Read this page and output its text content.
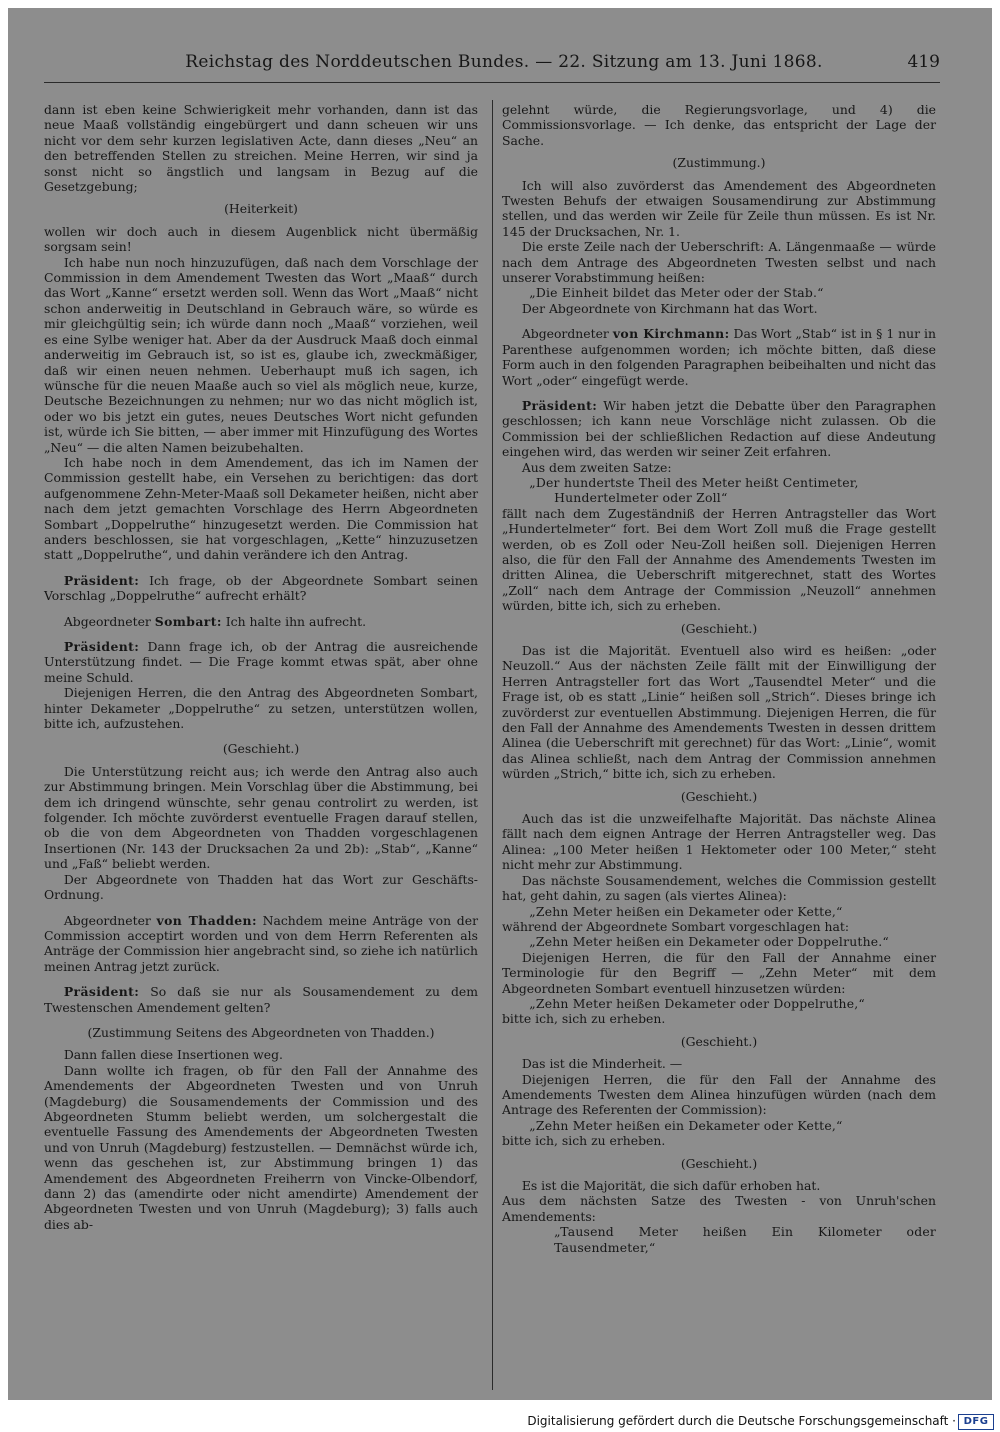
Reichstag des Norddeutschen Bundes. — 22. Sitzung am 13. Juni 1868.	419

dann ist eben keine Schwierigkeit mehr vorhanden, dann ist das neue Maaß vollständig eingebürgert und dann scheuen wir uns nicht vor dem sehr kurzen legislativen Acte, dann dieses „Neu“ an den betreffenden Stellen zu streichen. Meine Herren, wir sind ja sonst nicht so ängstlich und langsam in Bezug auf die Gesetzgebung;

(Heiterkeit)

wollen wir doch auch in diesem Augenblick nicht übermäßig sorgsam sein!

Ich habe nun noch hinzuzufügen, daß nach dem Vorschlage der Commission in dem Amendement Twesten das Wort „Maaß“ durch das Wort „Kanne“ ersetzt werden soll. Wenn das Wort „Maaß“ nicht schon anderweitig in Deutschland in Gebrauch wäre, so würde es mir gleichgültig sein; ich würde dann noch „Maaß“ vorziehen, weil es eine Sylbe weniger hat. Aber da der Ausdruck Maaß doch einmal anderweitig im Gebrauch ist, so ist es, glaube ich, zweckmäßiger, daß wir einen neuen nehmen. Ueberhaupt muß ich sagen, ich wünsche für die neuen Maaße auch so viel als möglich neue, kurze, Deutsche Bezeichnungen zu nehmen; nur wo das nicht möglich ist, oder wo bis jetzt ein gutes, neues Deutsches Wort nicht gefunden ist, würde ich Sie bitten, — aber immer mit Hinzufügung des Wortes „Neu“ — die alten Namen beizubehalten.

Ich habe noch in dem Amendement, das ich im Namen der Commission gestellt habe, ein Versehen zu berichtigen: das dort aufgenommene Zehn-Meter-Maaß soll Dekameter heißen, nicht aber nach dem jetzt gemachten Vorschlage des Herrn Abgeordneten Sombart „Doppelruthe“ hinzugesetzt werden. Die Commission hat anders beschlossen, sie hat vorgeschlagen, „Kette“ hinzuzusetzen statt „Doppelruthe“, und dahin verändere ich den Antrag.

Präsident: Ich frage, ob der Abgeordnete Sombart seinen Vorschlag „Doppelruthe“ aufrecht erhält?

Abgeordneter Sombart: Ich halte ihn aufrecht.

Präsident: Dann frage ich, ob der Antrag die ausreichende Unterstützung findet. — Die Frage kommt etwas spät, aber ohne meine Schuld.

Diejenigen Herren, die den Antrag des Abgeordneten Sombart, hinter Dekameter „Doppelruthe“ zu setzen, unterstützen wollen, bitte ich, aufzustehen.

(Geschieht.)

Die Unterstützung reicht aus; ich werde den Antrag also auch zur Abstimmung bringen. Mein Vorschlag über die Abstimmung, bei dem ich dringend wünschte, sehr genau controlirt zu werden, ist folgender. Ich möchte zuvörderst eventuelle Fragen darauf stellen, ob die von dem Abgeordneten von Thadden vorgeschlagenen Insertionen (Nr. 143 der Drucksachen 2a und 2b): „Stab“, „Kanne“ und „Faß“ beliebt werden.

Der Abgeordnete von Thadden hat das Wort zur Geschäfts-Ordnung.

Abgeordneter von Thadden: Nachdem meine Anträge von der Commission acceptirt worden und von dem Herrn Referenten als Anträge der Commission hier angebracht sind, so ziehe ich natürlich meinen Antrag jetzt zurück.

Präsident: So daß sie nur als Sousamendement zu dem Twestenschen Amendement gelten?

(Zustimmung Seitens des Abgeordneten von Thadden.)

Dann fallen diese Insertionen weg.

Dann wollte ich fragen, ob für den Fall der Annahme des Amendements der Abgeordneten Twesten und von Unruh (Magdeburg) die Sousamendements der Commission und des Abgeordneten Stumm beliebt werden, um solchergestalt die eventuelle Fassung des Amendements der Abgeordneten Twesten und von Unruh (Magdeburg) festzustellen. — Demnächst würde ich, wenn das geschehen ist, zur Abstimmung bringen 1) das Amendement des Abgeordneten Freiherrn von Vincke-Olbendorf, dann 2) das (amendirte oder nicht amendirte) Amendement der Abgeordneten Twesten und von Unruh (Magdeburg); 3) falls auch dies ab-

gelehnt würde, die Regierungsvorlage, und 4) die Commissionsvorlage. — Ich denke, das entspricht der Lage der Sache.

(Zustimmung.)

Ich will also zuvörderst das Amendement des Abgeordneten Twesten Behufs der etwaigen Sousamendirung zur Abstimmung stellen, und das werden wir Zeile für Zeile thun müssen. Es ist Nr. 145 der Drucksachen, Nr. 1.

Die erste Zeile nach der Ueberschrift: A. Längenmaaße — würde nach dem Antrage des Abgeordneten Twesten selbst und nach unserer Vorabstimmung heißen:

„Die Einheit bildet das Meter oder der Stab.“

Der Abgeordnete von Kirchmann hat das Wort.

Abgeordneter von Kirchmann: Das Wort „Stab“ ist in § 1 nur in Parenthese aufgenommen worden; ich möchte bitten, daß diese Form auch in den folgenden Paragraphen beibeihalten und nicht das Wort „oder“ eingefügt werde.

Präsident: Wir haben jetzt die Debatte über den Paragraphen geschlossen; ich kann neue Vorschläge nicht zulassen. Ob die Commission bei der schließlichen Redaction auf diese Andeutung eingehen wird, das werden wir seiner Zeit erfahren.

Aus dem zweiten Satze:

„Der hundertste Theil des Meter heißt Centimeter,

Hundertelmeter oder Zoll“

fällt nach dem Zugeständniß der Herren Antragsteller das Wort „Hundertelmeter“ fort. Bei dem Wort Zoll muß die Frage gestellt werden, ob es Zoll oder Neu-Zoll heißen soll. Diejenigen Herren also, die für den Fall der Annahme des Amendements Twesten im dritten Alinea, die Ueberschrift mitgerechnet, statt des Wortes „Zoll“ nach dem Antrage der Commission „Neuzoll“ annehmen würden, bitte ich, sich zu erheben.

(Geschieht.)

Das ist die Majorität. Eventuell also wird es heißen: „oder Neuzoll.“ Aus der nächsten Zeile fällt mit der Einwilligung der Herren Antragsteller fort das Wort „Tausendtel Meter“ und die Frage ist, ob es statt „Linie“ heißen soll „Strich“. Dieses bringe ich zuvörderst zur eventuellen Abstimmung. Diejenigen Herren, die für den Fall der Annahme des Amendements Twesten in dessen drittem Alinea (die Ueberschrift mit gerechnet) für das Wort: „Linie“, womit das Alinea schließt, nach dem Antrag der Commission annehmen würden „Strich,“ bitte ich, sich zu erheben.

(Geschieht.)

Auch das ist die unzweifelhafte Majorität. Das nächste Alinea fällt nach dem eignen Antrage der Herren Antragsteller weg. Das Alinea: „100 Meter heißen 1 Hektometer oder 100 Meter,“ steht nicht mehr zur Abstimmung.

Das nächste Sousamendement, welches die Commission gestellt hat, geht dahin, zu sagen (als viertes Alinea):

„Zehn Meter heißen ein Dekameter oder Kette,“

während der Abgeordnete Sombart vorgeschlagen hat:

„Zehn Meter heißen ein Dekameter oder Doppelruthe.“

Diejenigen Herren, die für den Fall der Annahme einer Terminologie für den Begriff — „Zehn Meter“ mit dem Abgeordneten Sombart eventuell hinzusetzen würden:

„Zehn Meter heißen Dekameter oder Doppelruthe,“

bitte ich, sich zu erheben.

(Geschieht.)

Das ist die Minderheit. —

Diejenigen Herren, die für den Fall der Annahme des Amendements Twesten dem Alinea hinzufügen würden (nach dem Antrage des Referenten der Commission):

„Zehn Meter heißen ein Dekameter oder Kette,“

bitte ich, sich zu erheben.

(Geschieht.)

Es ist die Majorität, die sich dafür erhoben hat.

Aus dem nächsten Satze des Twesten - von Unruh'schen Amendements:

„Tausend Meter heißen Ein Kilometer oder Tausendmeter,“

Digitalisierung gefördert durch die Deutsche Forschungsgemeinschaft · DFG
